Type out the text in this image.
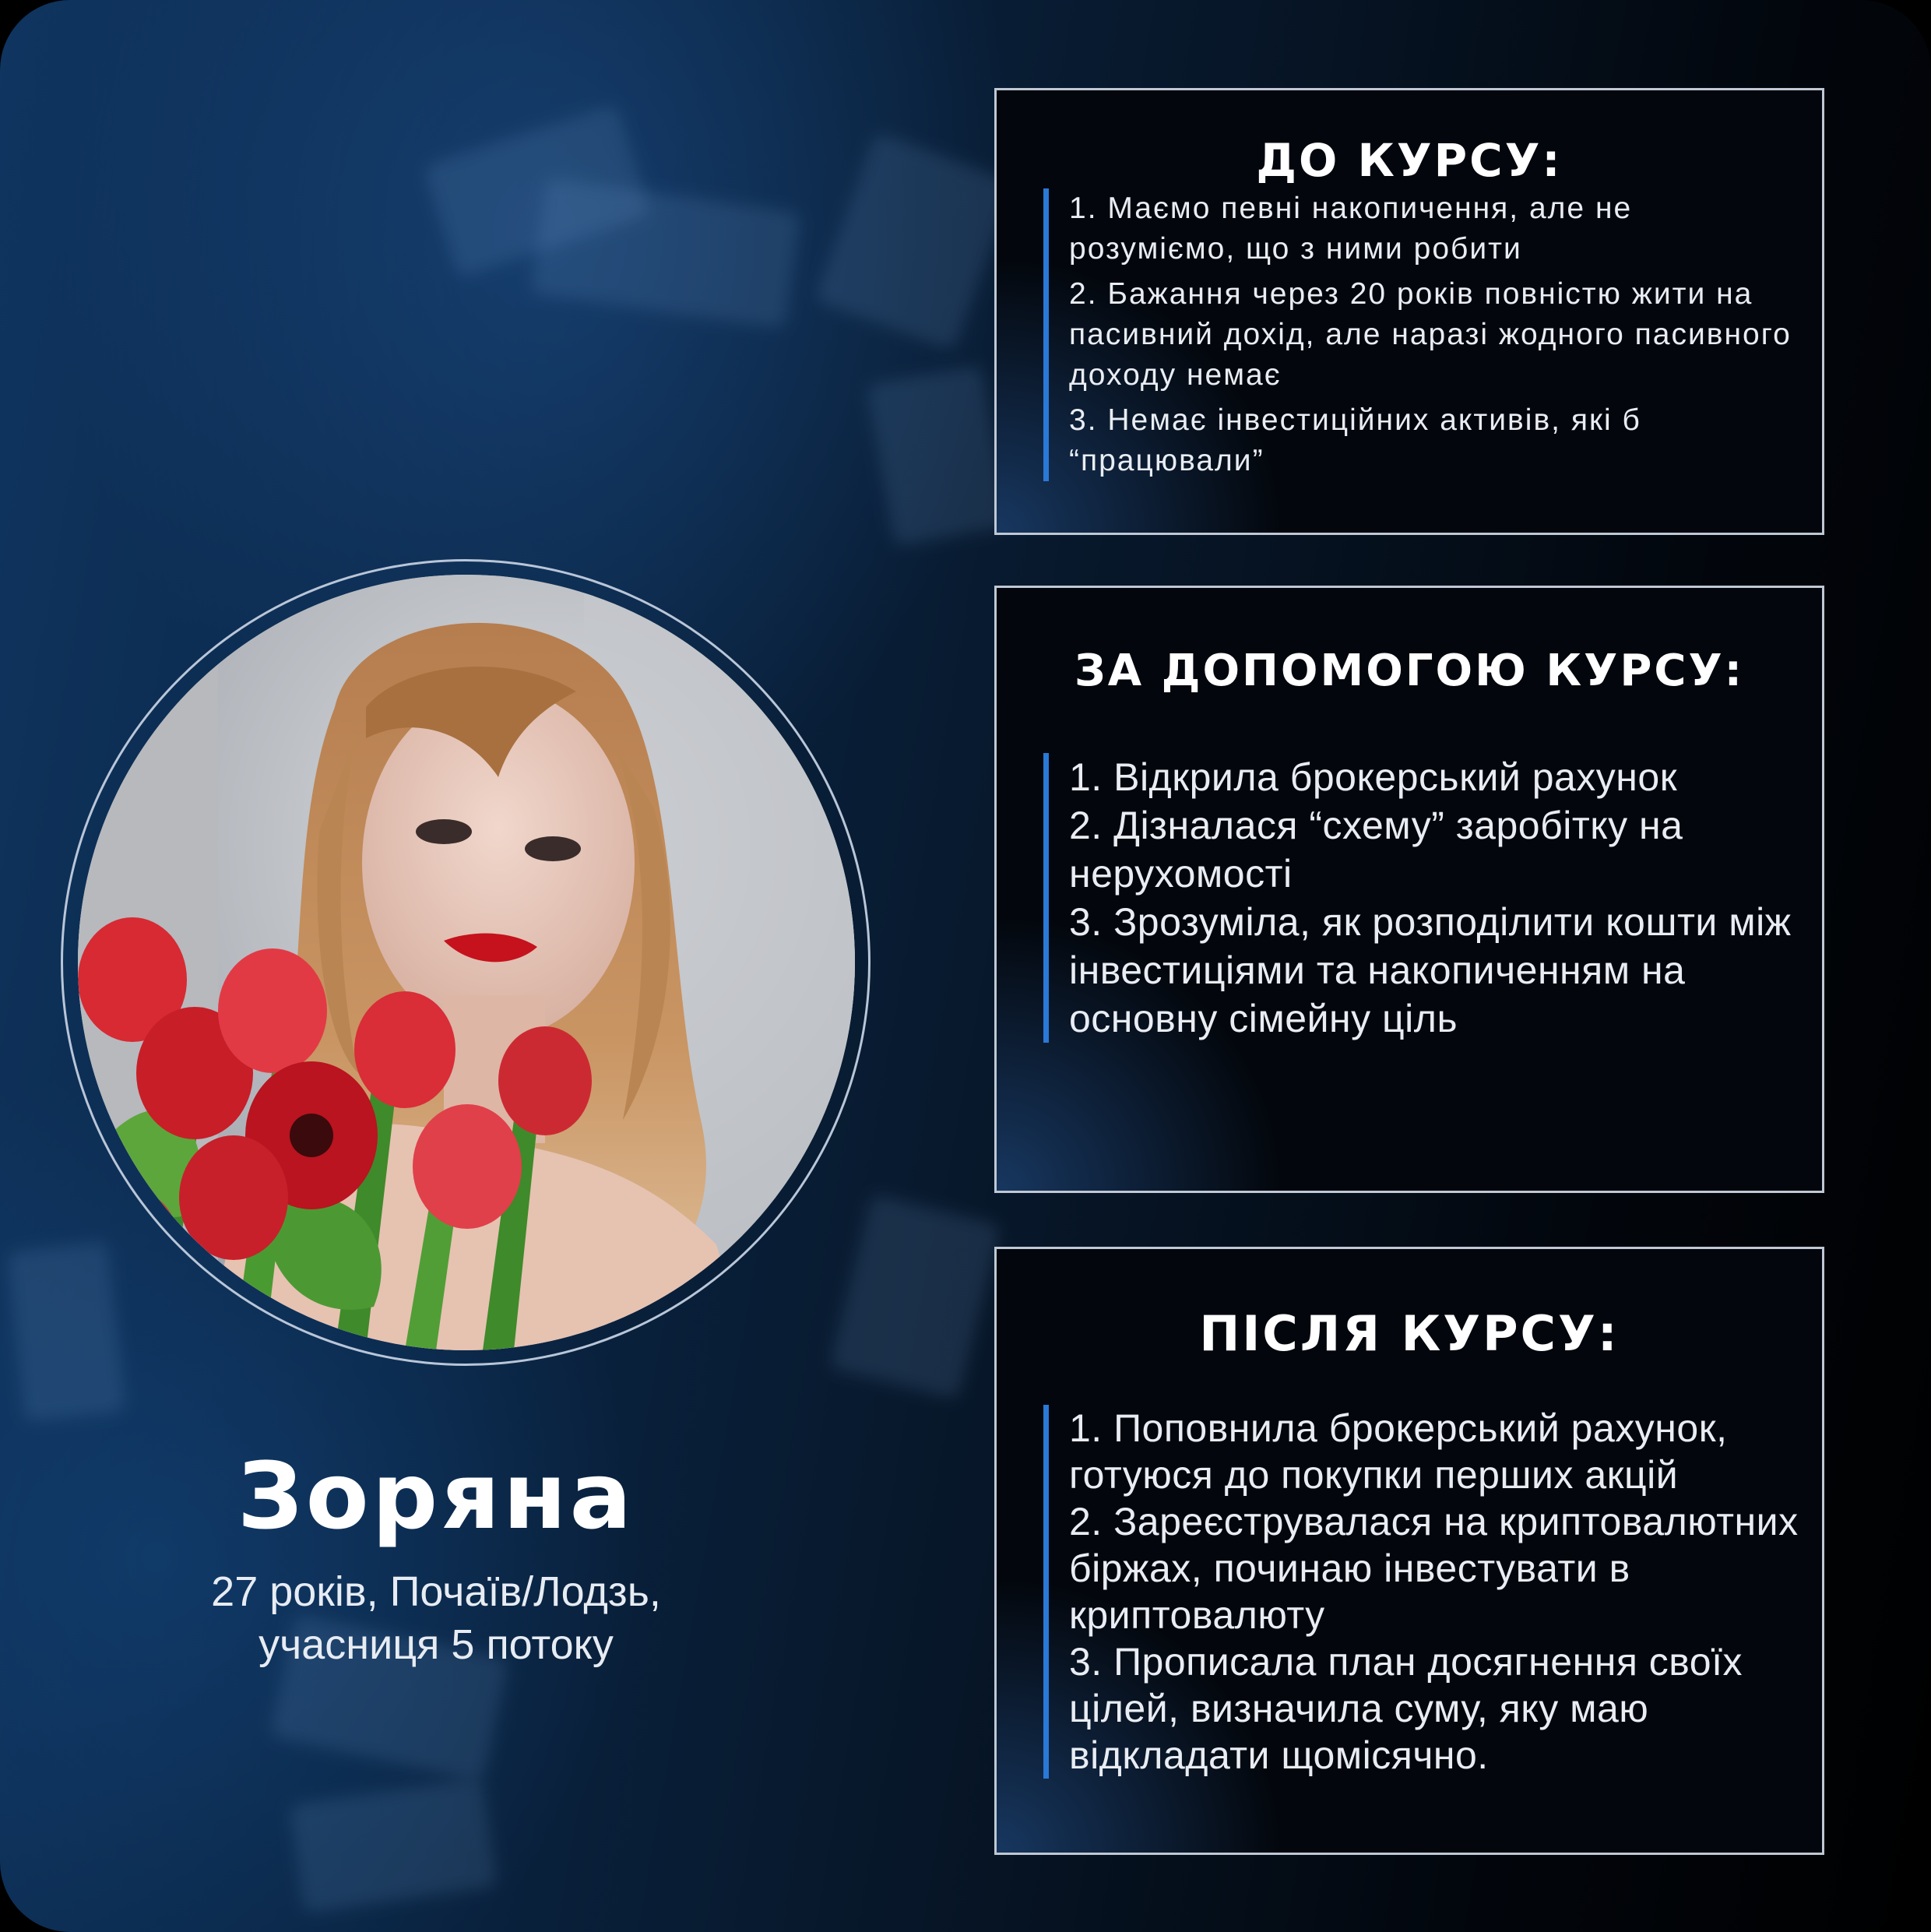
Зоряна
27 років, Почаїв/Лодзь,
учасниця 5 потоку
ДО КУРСУ:
1. Маємо певні накопичення, але не розуміємо, що з ними робити
2. Бажання через 20 років повністю жити на пасивний дохід, але наразі жодного пасивного доходу немає
3. Немає інвестиційних активів, які б “працювали”
ЗА ДОПОМОГОЮ КУРСУ:
1. Відкрила брокерський рахунок
2. Дізналася “схему” заробітку на нерухомості
3. Зрозуміла, як розподілити кошти між інвестиціями та накопиченням на основну сімейну ціль
ПІСЛЯ КУРСУ:
1. Поповнила брокерський рахунок, готуюся до покупки перших акцій
2. Зареєструвалася на криптовалютних біржах, починаю інвестувати в криптовалюту
3. Прописала план досягнення своїх цілей, визначила суму, яку маю відкладати щомісячно.
